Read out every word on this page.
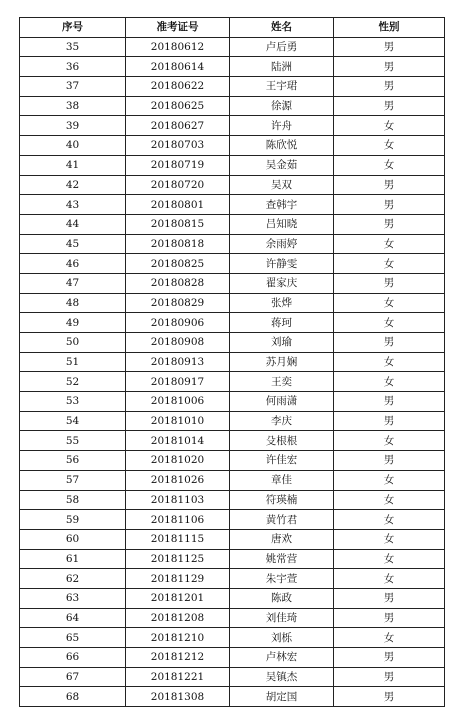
序号	准考证号	姓名	性别
35	20180612	卢后勇	男
36	20180614	陆洲	男
37	20180622	王宇珺	男
38	20180625	徐源	男
39	20180627	许舟	女
40	20180703	陈欣悦	女
41	20180719	吴金茹	女
42	20180720	吴双	男
43	20180801	查韩宇	男
44	20180815	吕知晓	男
45	20180818	余雨婷	女
46	20180825	许静雯	女
47	20180828	翟家庆	男
48	20180829	张烨	女
49	20180906	蒋珂	女
50	20180908	刘瑜	男
51	20180913	苏月娴	女
52	20180917	王奕	女
53	20181006	何雨潇	男
54	20181010	李庆	男
55	20181014	殳根根	女
56	20181020	许佳宏	男
57	20181026	章佳	女
58	20181103	符瑛楠	女
59	20181106	黄竹君	女
60	20181115	唐欢	女
61	20181125	姚常营	女
62	20181129	朱宇萱	女
63	20181201	陈政	男
64	20181208	刘佳琦	男
65	20181210	刘栎	女
66	20181212	卢林宏	男
67	20181221	吴镇杰	男
68	20181308	胡定国	男
